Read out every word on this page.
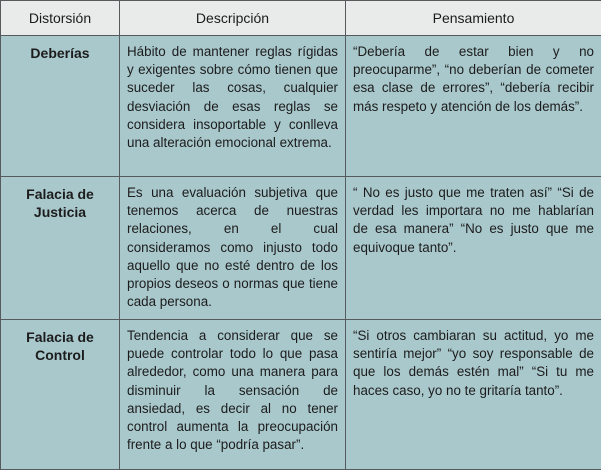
Distorsión	Descripción	Pensamiento
Deberías	Hábito de mantener reglas rígidas y exigentes sobre cómo tienen que suceder las cosas, cualquier desviación de esas reglas se considera insoportable y conlleva una alteración emocional extrema.	“Debería de estar bien y no preocuparme”, “no deberían de cometer esa clase de errores”, “debería recibir más respeto y atención de los demás”.
Falacia de Justicia	Es una evaluación subjetiva que tenemos acerca de nuestras relaciones, en el cual consideramos como injusto todo aquello que no esté dentro de los propios deseos o normas que tiene cada persona.	“ No es justo que me traten así” “Si de verdad les importara no me hablarían de esa manera” “No es justo que me equivoque tanto”.
Falacia de Control	Tendencia a considerar que se puede controlar todo lo que pasa alrededor, como una manera para disminuir la sensación de ansiedad, es decir al no tener control aumenta la preocupación frente a lo que “podría pasar”.	“Si otros cambiaran su actitud, yo me sentiría mejor” “yo soy responsable de que los demás estén mal” “Si tu me haces caso, yo no te gritaría tanto”.
